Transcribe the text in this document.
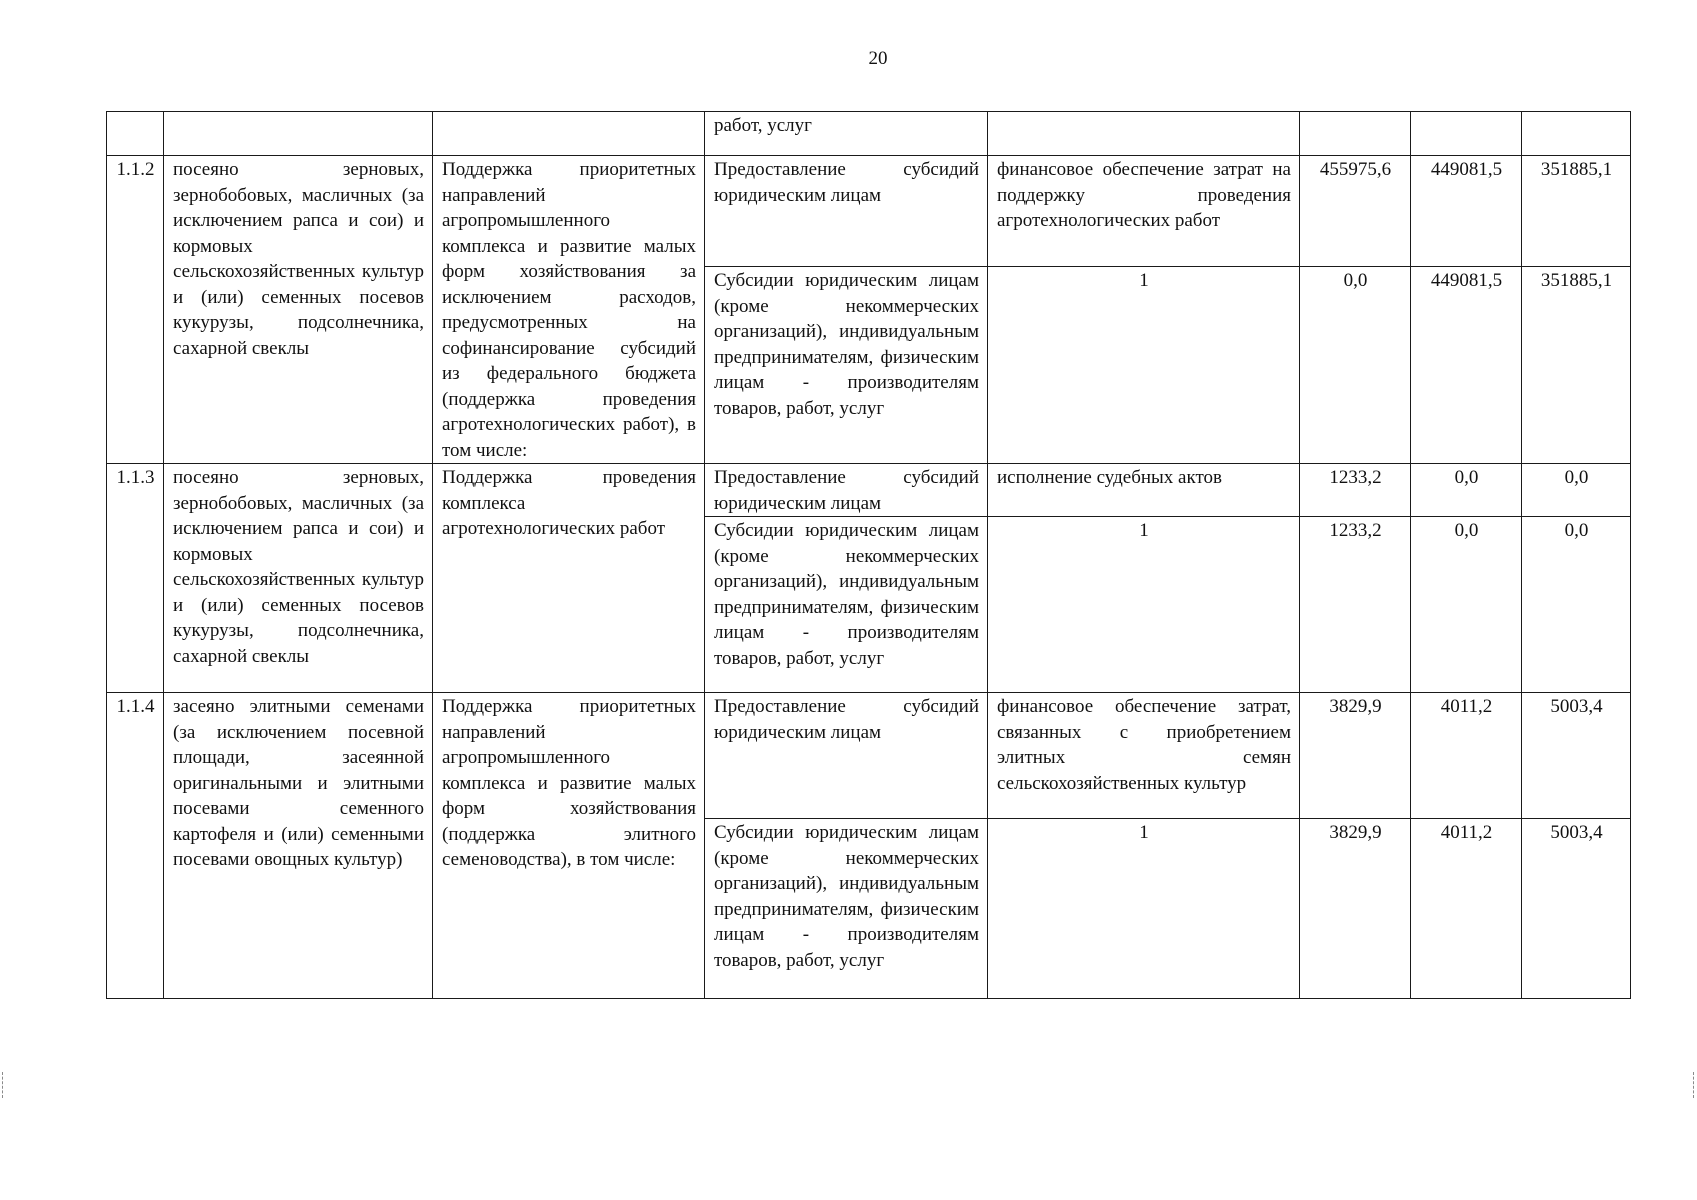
20
			работ, услуг				
1.1.2	посеяно зерновых, зернобобовых, масличных (за исключением рапса и сои) и кормовых сельскохозяйственных культур и (или) семенных посевов кукурузы, подсолнечника, сахарной свеклы	Поддержка приоритетных направлений агропромышленного комплекса и развитие малых форм хозяйствования за исключением расходов, предусмотренных на софинансирование субсидий из федерального бюджета (поддержка проведения агротехнологических работ), в том числе:	Предоставление субсидий юридическим лицам	финансовое обеспечение затрат на поддержку проведения агротехнологических работ	455975,6	449081,5	351885,1
			Субсидии юридическим лицам (кроме некоммерческих организаций), индивидуальным предпринимателям, физическим лицам - производителям товаров, работ, услуг	1	0,0	449081,5	351885,1
1.1.3	посеяно зерновых, зернобобовых, масличных (за исключением рапса и сои) и кормовых сельскохозяйственных культур и (или) семенных посевов кукурузы, подсолнечника, сахарной свеклы	Поддержка проведения комплекса агротехнологических работ	Предоставление субсидий юридическим лицам	исполнение судебных актов	1233,2	0,0	0,0
			Субсидии юридическим лицам (кроме некоммерческих организаций), индивидуальным предпринимателям, физическим лицам - производителям товаров, работ, услуг	1	1233,2	0,0	0,0
1.1.4	засеяно элитными семенами (за исключением посевной площади, засеянной оригинальными и элитными посевами семенного картофеля и (или) семенными посевами овощных культур)	Поддержка приоритетных направлений агропромышленного комплекса и развитие малых форм хозяйствования (поддержка элитного семеноводства), в том числе:	Предоставление субсидий юридическим лицам	финансовое обеспечение затрат, связанных с приобретением элитных семян сельскохозяйственных культур	3829,9	4011,2	5003,4
			Субсидии юридическим лицам (кроме некоммерческих организаций), индивидуальным предпринимателям, физическим лицам - производителям товаров, работ, услуг	1	3829,9	4011,2	5003,4
